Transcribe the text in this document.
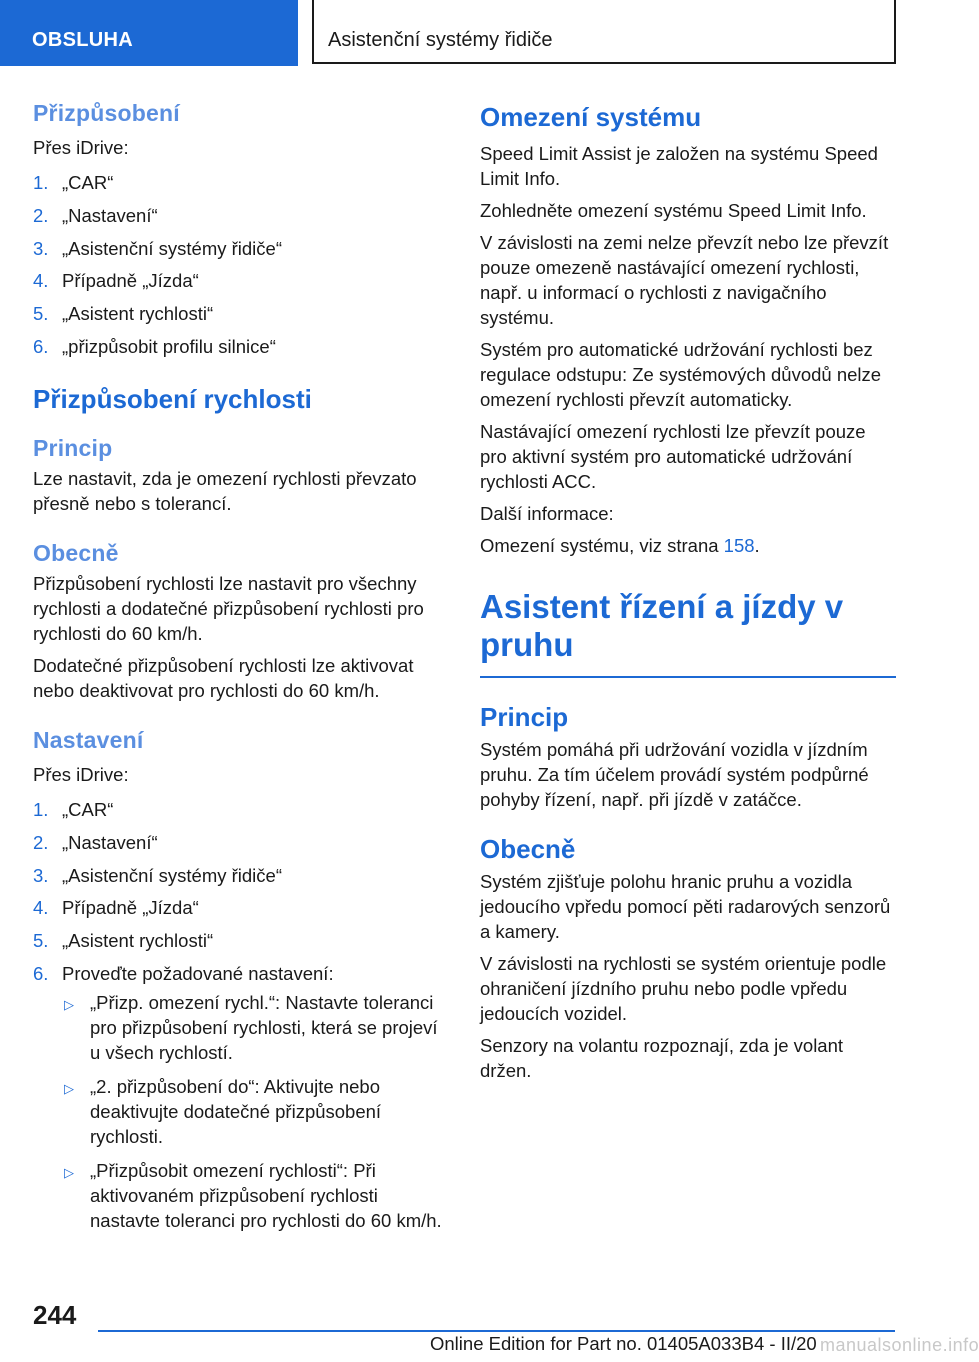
OBSLUHA	Asistenční systémy řidiče
Přizpůsobení

Přes iDrive:

1. „CAR“
2. „Nastavení“
3. „Asistenční systémy řidiče“
4. Případně „Jízda“
5. „Asistent rychlosti“
6. „přizpůsobit profilu silnice“
Přizpůsobení rychlosti
Princip

Lze nastavit, zda je omezení rychlosti převzato přesně nebo s tolerancí.

Obecně

Přizpůsobení rychlosti lze nastavit pro všechny rychlosti a dodatečné přizpůsobení rychlosti pro rychlosti do 60 km/h.

Dodatečné přizpůsobení rychlosti lze aktivovat nebo deaktivovat pro rychlosti do 60 km/h.

Nastavení

Přes iDrive:

1. „CAR“
2. „Nastavení“
3. „Asistenční systémy řidiče“
4. Případně „Jízda“
5. „Asistent rychlosti“
6. Proveďte požadované nastavení:
▷ „Přizp. omezení rychl.“: Nastavte toleranci pro přizpůsobení rychlosti, která se projeví u všech rychlostí.
▷ „2. přizpůsobení do“: Aktivujte nebo deaktivujte dodatečné přizpůsobení rychlosti.
▷ „Přizpůsobit omezení rychlosti“: Při aktivovaném přizpůsobení rychlosti nastavte toleranci pro rychlosti do 60 km/h.
Omezení systému

Speed Limit Assist je založen na systému Speed Limit Info.

Zohledněte omezení systému Speed Limit Info.

V závislosti na zemi nelze převzít nebo lze převzít pouze omezeně nastávající omezení rychlosti, např. u informací o rychlosti z navigačního systému.

Systém pro automatické udržování rychlosti bez regulace odstupu: Ze systémových důvodů nelze omezení rychlosti převzít automaticky.

Nastávající omezení rychlosti lze převzít pouze pro aktivní systém pro automatické udržování rychlosti ACC.

Další informace:

Omezení systému, viz strana 158.

Asistent řízení a jízdy v pruhu
Princip

Systém pomáhá při udržování vozidla v jízdním pruhu. Za tím účelem provádí systém podpůrné pohyby řízení, např. při jízdě v zatáčce.

Obecně

Systém zjišťuje polohu hranic pruhu a vozidla jedoucího vpředu pomocí pěti radarových senzorů a kamery.

V závislosti na rychlosti se systém orientuje podle ohraničení jízdního pruhu nebo podle vpředu jedoucích vozidel.

Senzory na volantu rozpoznají, zda je volant držen.

244
Online Edition for Part no. 01405A033B4 - II/20 manualsonline.info
